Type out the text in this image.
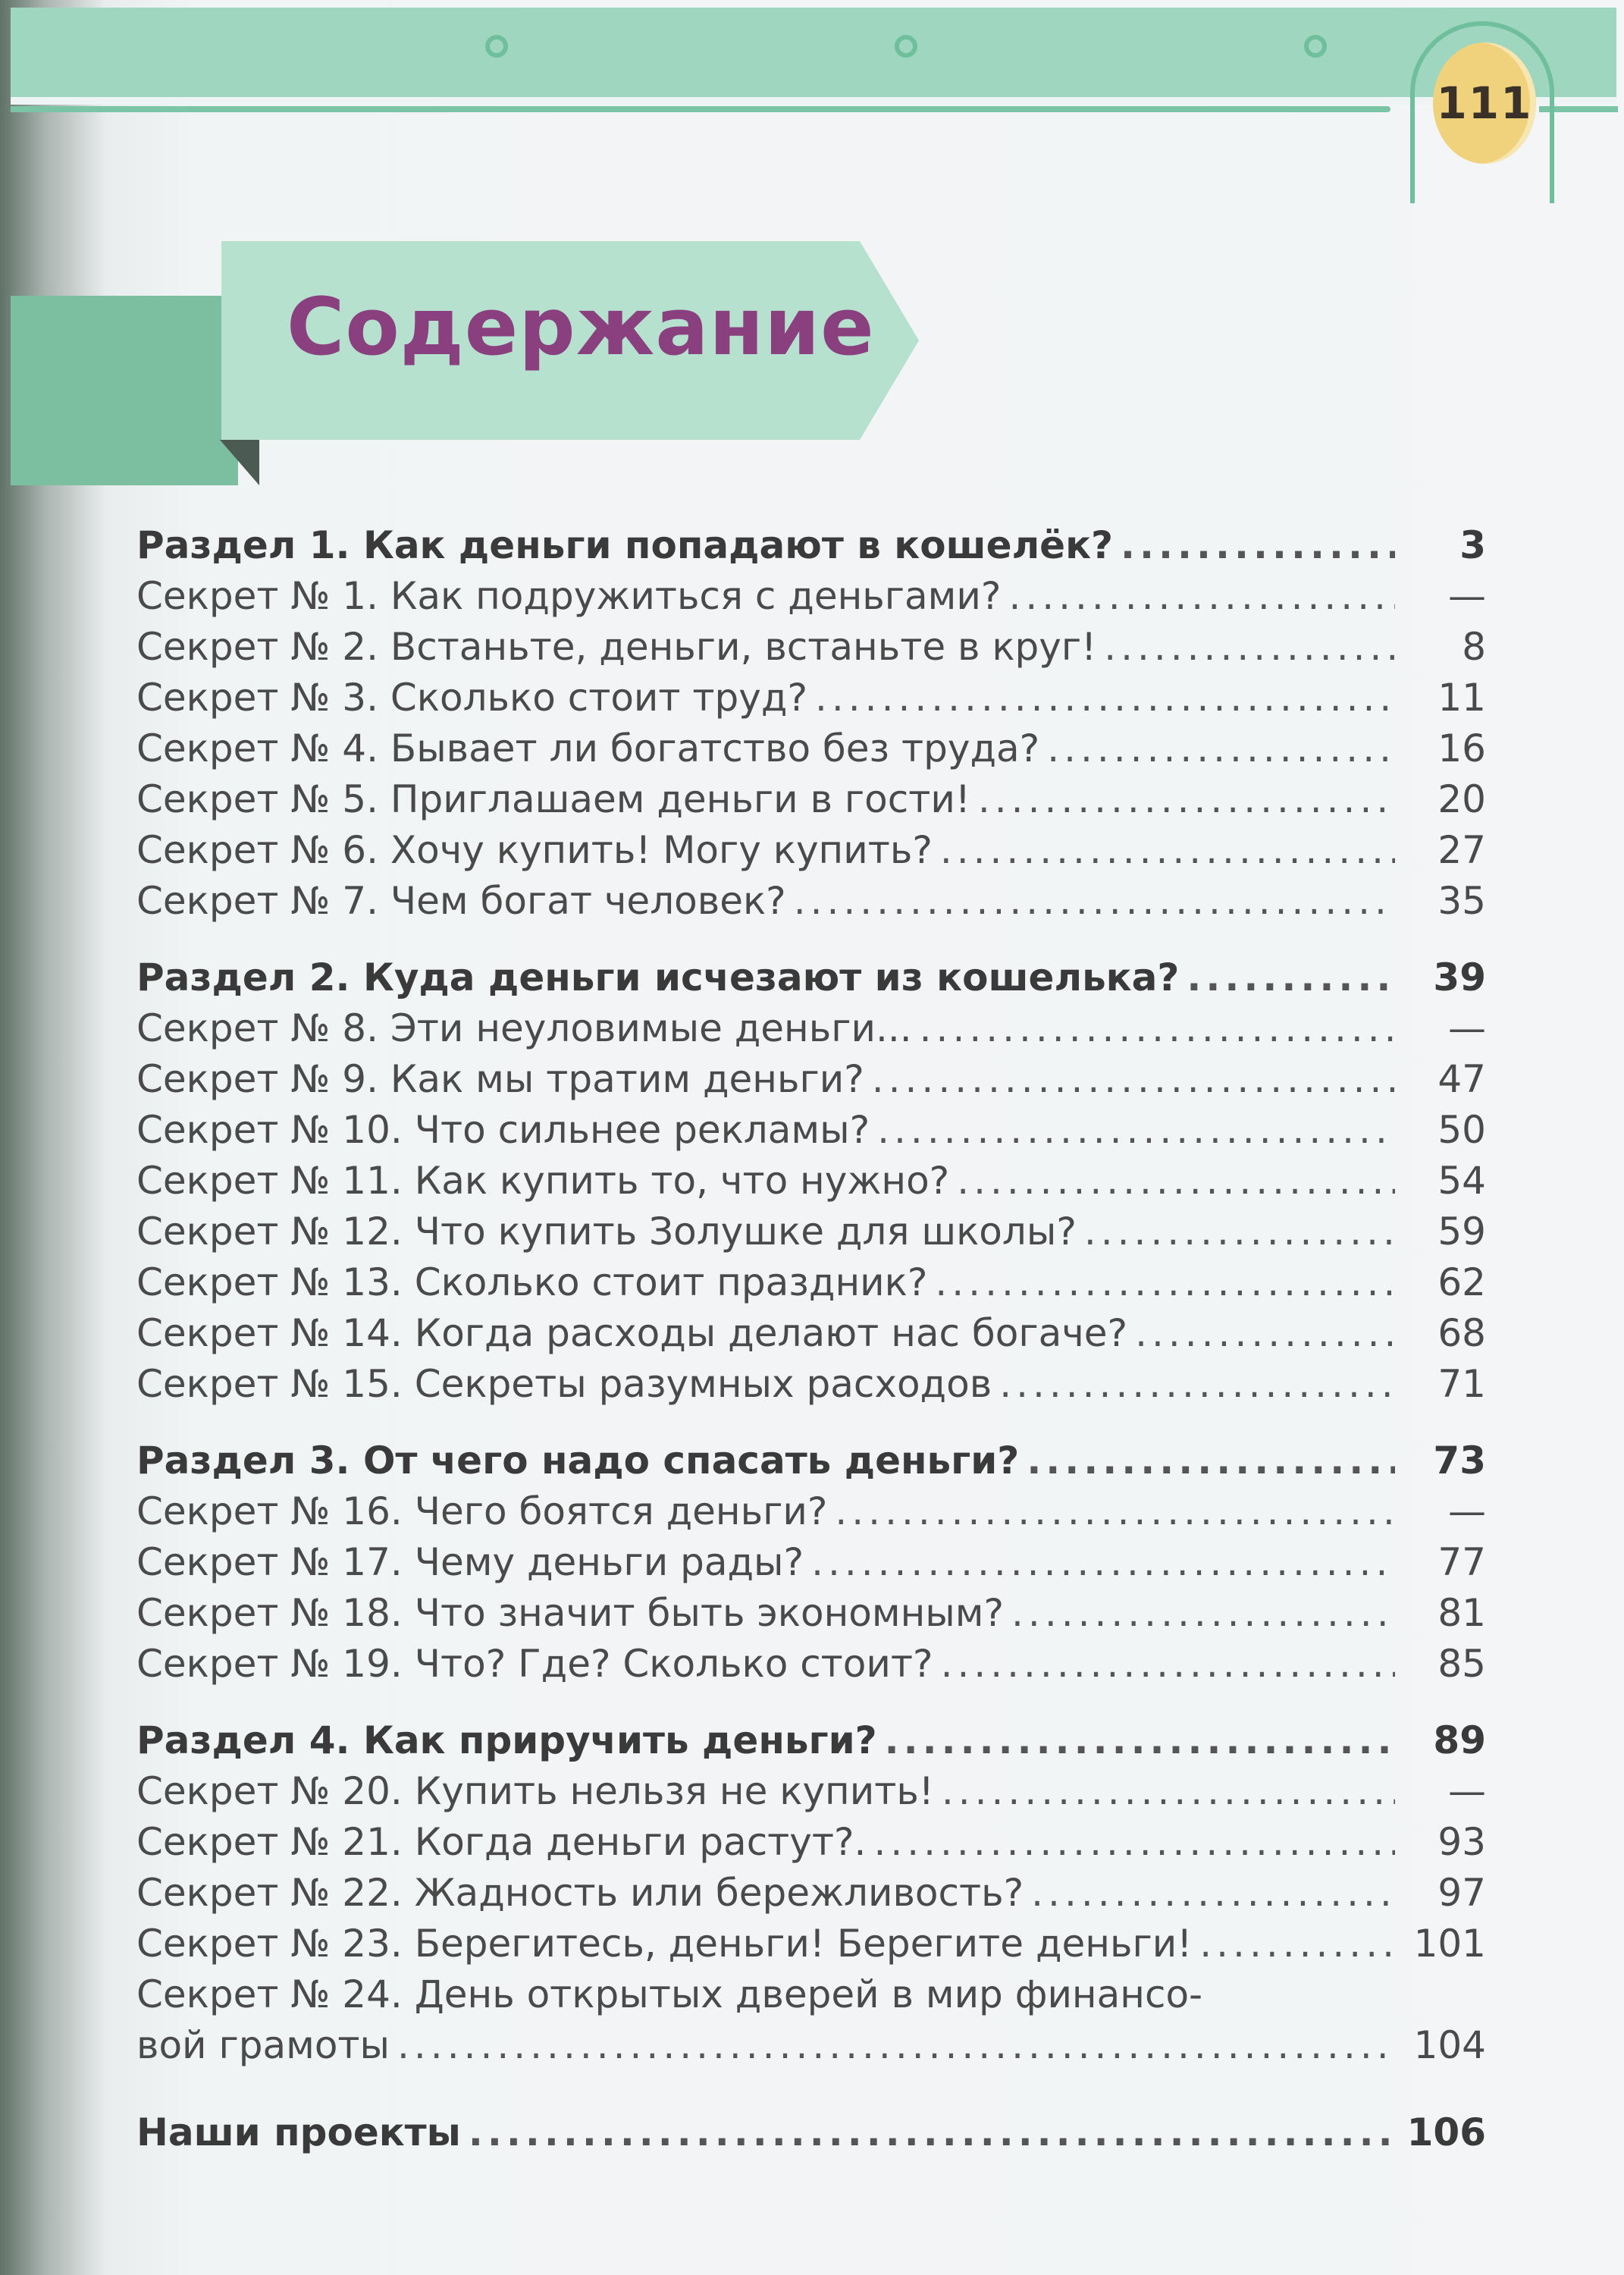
111
Содержание
Раздел 1. Как деньги попадают в кошелёк? .....	3
Секрет № 1. Как подружиться с деньгами? .....	—
Секрет № 2. Встаньте, деньги, встаньте в круг! .....	8
Секрет № 3. Сколько стоит труд? .....	11
Секрет № 4. Бывает ли богатство без труда? .....	16
Секрет № 5. Приглашаем деньги в гости! .....	20
Секрет № 6. Хочу купить! Могу купить? .....	27
Секрет № 7. Чем богат человек? .....	35
Раздел 2. Куда деньги исчезают из кошелька? .....	39
Секрет № 8. Эти неуловимые деньги... .....	—
Секрет № 9. Как мы тратим деньги? .....	47
Секрет № 10. Что сильнее рекламы? .....	50
Секрет № 11. Как купить то, что нужно? .....	54
Секрет № 12. Что купить Золушке для школы? .....	59
Секрет № 13. Сколько стоит праздник? .....	62
Секрет № 14. Когда расходы делают нас богаче? .....	68
Секрет № 15. Секреты разумных расходов .....	71
Раздел 3. От чего надо спасать деньги? .....	73
Секрет № 16. Чего боятся деньги? .....	—
Секрет № 17. Чему деньги рады? .....	77
Секрет № 18. Что значит быть экономным? .....	81
Секрет № 19. Что? Где? Сколько стоит? .....	85
Раздел 4. Как приручить деньги? .....	89
Секрет № 20. Купить нельзя не купить! .....	—
Секрет № 21. Когда деньги растут?. .....	93
Секрет № 22. Жадность или бережливость? .....	97
Секрет № 23. Берегитесь, деньги! Берегите деньги! .....	101
Секрет № 24. День открытых дверей в мир финансо-
вой грамоты .....	104
Наши проекты .....	106
